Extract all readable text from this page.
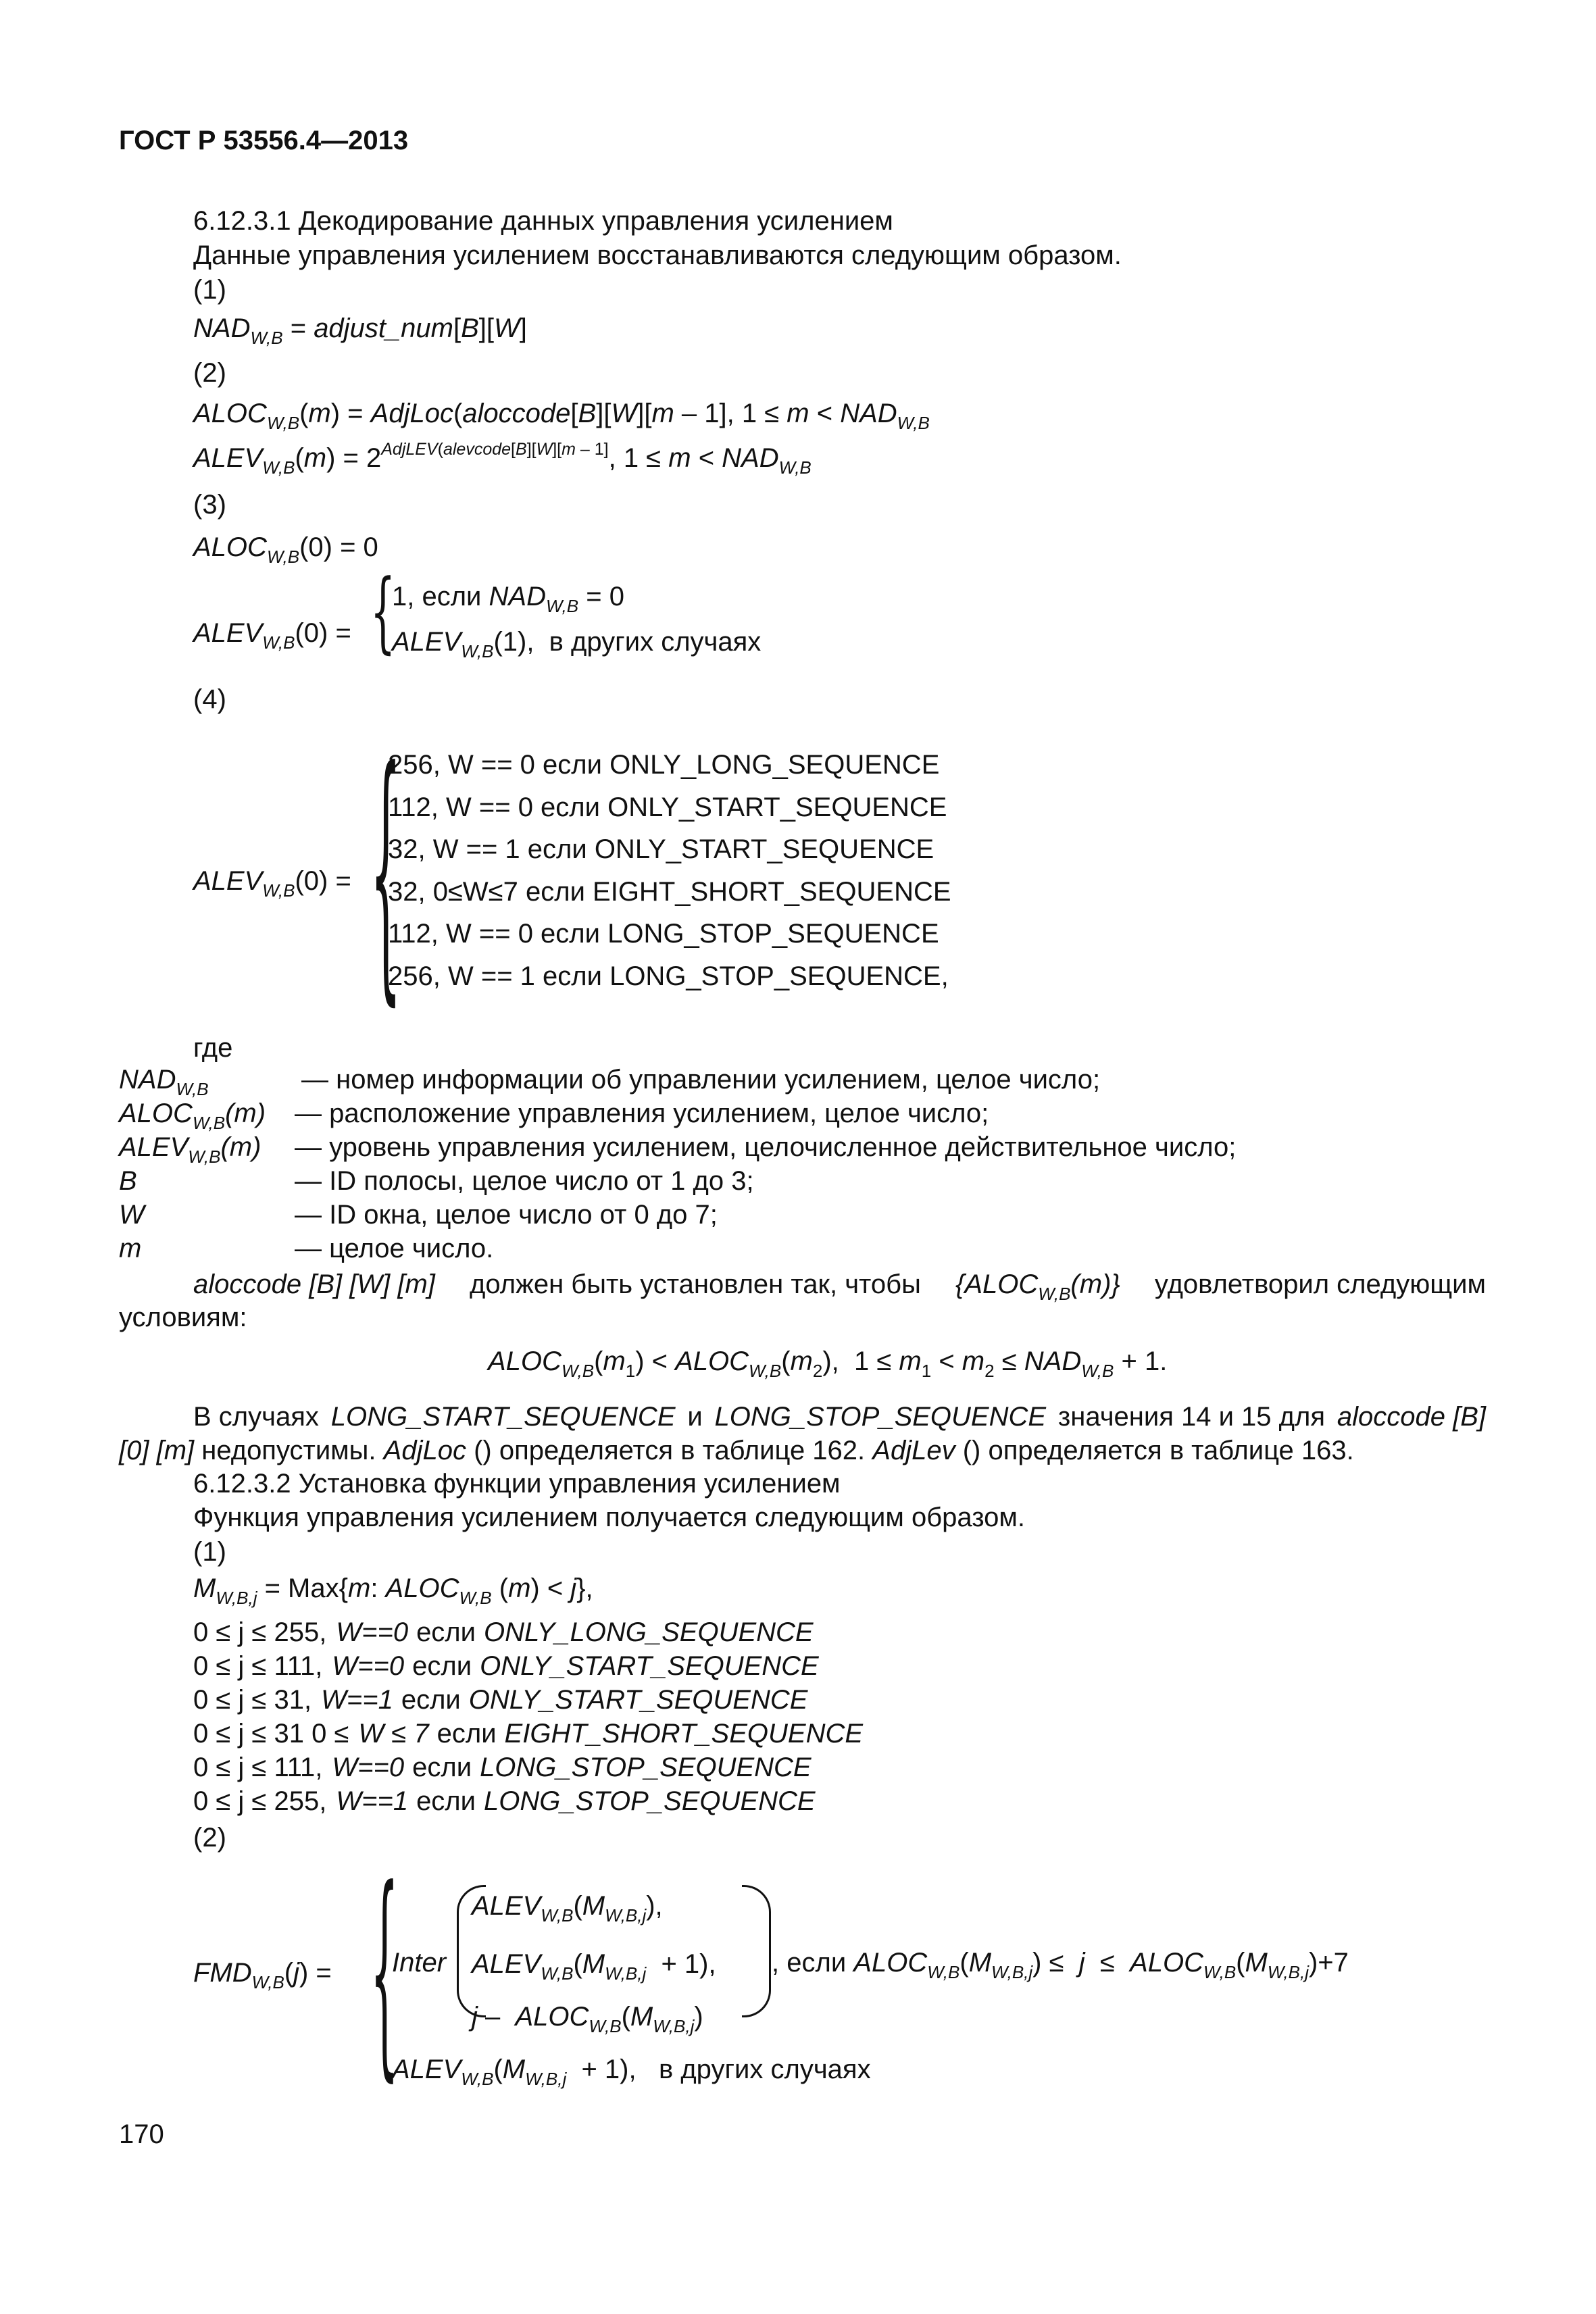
ГОСТ Р 53556.4—2013
6.12.3.1 Декодирование данных управления усилением
Данные управления усилением восстанавливаются следующим образом.
(1)
$NAD_{W,B}$ = adjust_num[B][W]
(2)
$ALOC_{W,B}(m)$ = AdjLoc(aloccode[B][W][m – 1], $1 \le m < NAD_{W,B}$
$ALEV_{W,B}(m) = 2^{AdjLEV(alevcode[B][W][m - 1]}$, $1 \le m < NAD_{W,B}$
(3)
$ALOC_{W,B}(0) = 0$
$ALEV_{W,B}(0)$ = {
1, если $NAD_{W,B} = 0$
$ALEV_{W,B}(1)$,  в других случаях
(4)
$ALEV_{W,B}(0)$ = {
256, W == 0 если ONLY_LONG_SEQUENCE
112, W == 0 если ONLY_START_SEQUENCE
32, W == 1 если ONLY_START_SEQUENCE
32, 0≤W≤7 если EIGHT_SHORT_SEQUENCE
112, W == 0 если LONG_STOP_SEQUENCE
256, W == 1 если LONG_STOP_SEQUENCE,
где
$NAD_{W,B}$	— номер информации об управлении усилением, целое число;
$ALOC_{W,B}(m)$ — расположение управления усилением, целое число;
$ALEV_{W,B}(m)$ — уровень управления усилением, целочисленное действительное число;
B	— ID полосы, целое число от 1 до 3;
W	— ID окна, целое число от 0 до 7;
m	— целое число.
aloccode [B] [W] [m] должен быть установлен так, чтобы $\{ALOC_{W,B}(m)\}$ удовлетворил следующим
условиям:
$ALOC_{W,B}(m_1)$ < $ALOC_{W,B}(m_2)$,  $1 \le m_1 < m_2 \le NAD_{W,B} + 1$.
В случаях LONG_START_SEQUENCE и LONG_STOP_SEQUENCE значения 14 и 15 для aloccode [B]
[0] [m] недопустимы. AdjLoc () определяется в таблице 162. AdjLev () определяется в таблице 163.
6.12.3.2 Установка функции управления усилением
Функция управления усилением получается следующим образом.
(1)
$M_{W,B,j} = Max\{m$: $ALOC_{W,B}$ (m) < j},
0 ≤ j ≤ 255, W==0 если ONLY_LONG_SEQUENCE
0 ≤ j ≤ 111, W==0 если ONLY_START_SEQUENCE
0 ≤ j ≤ 31, W==1 если ONLY_START_SEQUENCE
0 ≤ j ≤ 31 0 ≤ W ≤ 7 если EIGHT_SHORT_SEQUENCE
0 ≤ j ≤ 111, W==0 если LONG_STOP_SEQUENCE
0 ≤ j ≤ 255, W==1 если LONG_STOP_SEQUENCE
(2)
$FMD_{W,B}(j)$ = {
Inter
$ALEV_{W,B}(M_{W,B,j})$,
$ALEV_{W,B}(M_{W,B,j} + 1)$,
j –  $ALOC_{W,B}(M_{W,B,j})$
, если $ALOC_{W,B}(M_{W,B,j}) \le j$  ≤  $ALOC_{W,B}(M_{W,B,j})+7$
$ALEV_{W,B}(M_{W,B,j} + 1)$,   в других случаях
170
